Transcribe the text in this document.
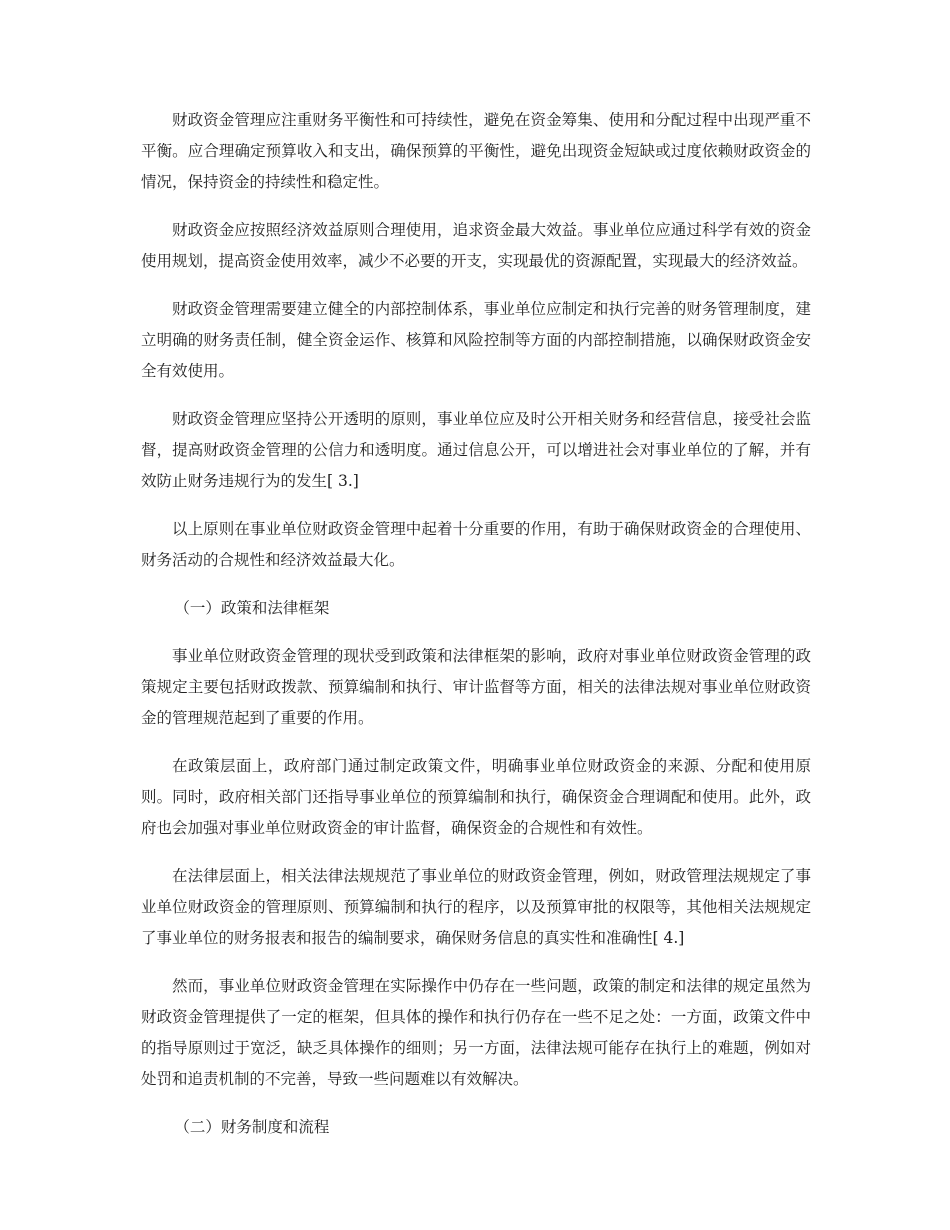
财政资金管理应注重财务平衡性和可持续性，避免在资金筹集、使用和分配过程中出现严重不平衡。应合理确定预算收入和支出，确保预算的平衡性，避免出现资金短缺或过度依赖财政资金的情况，保持资金的持续性和稳定性。

财政资金应按照经济效益原则合理使用，追求资金最大效益。事业单位应通过科学有效的资金使用规划，提高资金使用效率，减少不必要的开支，实现最优的资源配置，实现最大的经济效益。

财政资金管理需要建立健全的内部控制体系，事业单位应制定和执行完善的财务管理制度，建立明确的财务责任制，健全资金运作、核算和风险控制等方面的内部控制措施，以确保财政资金安全有效使用。

财政资金管理应坚持公开透明的原则，事业单位应及时公开相关财务和经营信息，接受社会监督，提高财政资金管理的公信力和透明度。通过信息公开，可以增进社会对事业单位的了解，并有效防止财务违规行为的发生[ 3.]

以上原则在事业单位财政资金管理中起着十分重要的作用，有助于确保财政资金的合理使用、财务活动的合规性和经济效益最大化。

（一）政策和法律框架

事业单位财政资金管理的现状受到政策和法律框架的影响，政府对事业单位财政资金管理的政策规定主要包括财政拨款、预算编制和执行、审计监督等方面，相关的法律法规对事业单位财政资金的管理规范起到了重要的作用。

在政策层面上，政府部门通过制定政策文件，明确事业单位财政资金的来源、分配和使用原则。同时，政府相关部门还指导事业单位的预算编制和执行，确保资金合理调配和使用。此外，政府也会加强对事业单位财政资金的审计监督，确保资金的合规性和有效性。

在法律层面上，相关法律法规规范了事业单位的财政资金管理，例如，财政管理法规规定了事业单位财政资金的管理原则、预算编制和执行的程序，以及预算审批的权限等，其他相关法规规定了事业单位的财务报表和报告的编制要求，确保财务信息的真实性和准确性[ 4.]

然而，事业单位财政资金管理在实际操作中仍存在一些问题，政策的制定和法律的规定虽然为财政资金管理提供了一定的框架，但具体的操作和执行仍存在一些不足之处：一方面，政策文件中的指导原则过于宽泛，缺乏具体操作的细则；另一方面，法律法规可能存在执行上的难题，例如对处罚和追责机制的不完善，导致一些问题难以有效解决。

（二）财务制度和流程
